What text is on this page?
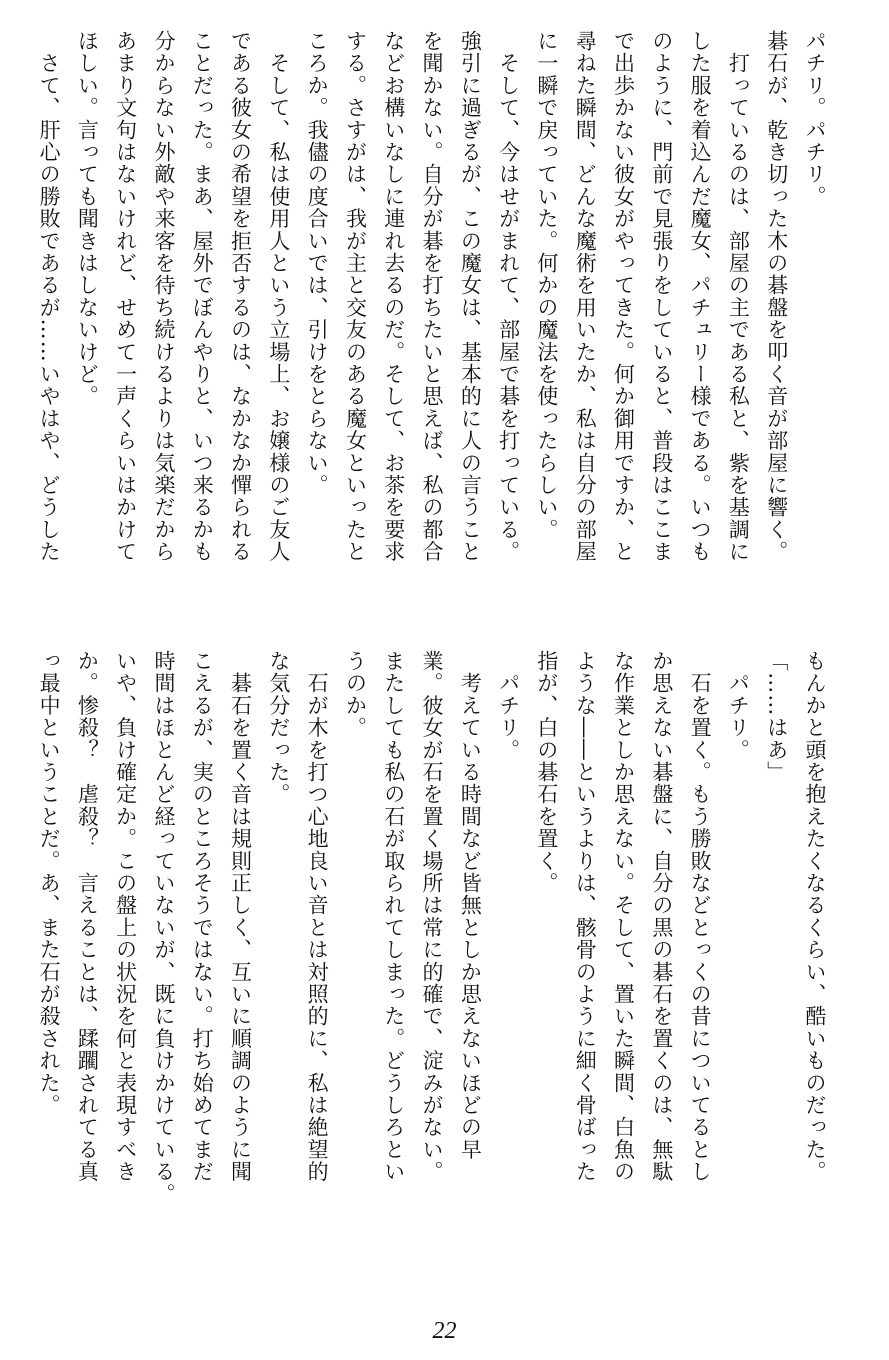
パチリ。パチリ。
碁石が、乾き切った木の碁盤を叩く音が部屋に響く。
　打っているのは、部屋の主である私と、紫を基調に
した服を着込んだ魔女、パチュリー様である。いつも
のように、門前で見張りをしていると、普段はここま
で出歩かない彼女がやってきた。何か御用ですか、と
尋ねた瞬間、どんな魔術を用いたか、私は自分の部屋
に一瞬で戻っていた。何かの魔法を使ったらしい。
　そして、今はせがまれて、部屋で碁を打っている。
強引に過ぎるが、この魔女は、基本的に人の言うこと
を聞かない。自分が碁を打ちたいと思えば、私の都合
などお構いなしに連れ去るのだ。そして、お茶を要求
する。さすがは、我が主と交友のある魔女といったと
ころか。我儘の度合いでは、引けをとらない。
　そして、私は使用人という立場上、お嬢様のご友人
である彼女の希望を拒否するのは、なかなか憚られる
ことだった。まあ、屋外でぼんやりと、いつ来るかも
分からない外敵や来客を待ち続けるよりは気楽だから
あまり文句はないけれど、せめて一声くらいはかけて
ほしい。言っても聞きはしないけど。
　さて、肝心の勝敗であるが……いやはや、どうした
もんかと頭を抱えたくなるくらい、酷いものだった。
「……はあ」
　パチリ。
　石を置く。もう勝敗などとっくの昔についてるとし
か思えない碁盤に、自分の黒の碁石を置くのは、無駄
な作業としか思えない。そして、置いた瞬間、白魚の
ような――というよりは、骸骨のように細く骨ばった
指が、白の碁石を置く。
　パチリ。
　考えている時間など皆無としか思えないほどの早
業。彼女が石を置く場所は常に的確で、淀みがない。
またしても私の石が取られてしまった。どうしろとい
うのか。
　石が木を打つ心地良い音とは対照的に、私は絶望的
な気分だった。
　碁石を置く音は規則正しく、互いに順調のように聞
こえるが、実のところそうではない。打ち始めてまだ
時間はほとんど経っていないが、既に負けかけている。
いや、負け確定か。この盤上の状況を何と表現すべき
か。惨殺？　虐殺？　言えることは、蹂躙されてる真
っ最中ということだ。あ、また石が殺された。
22
